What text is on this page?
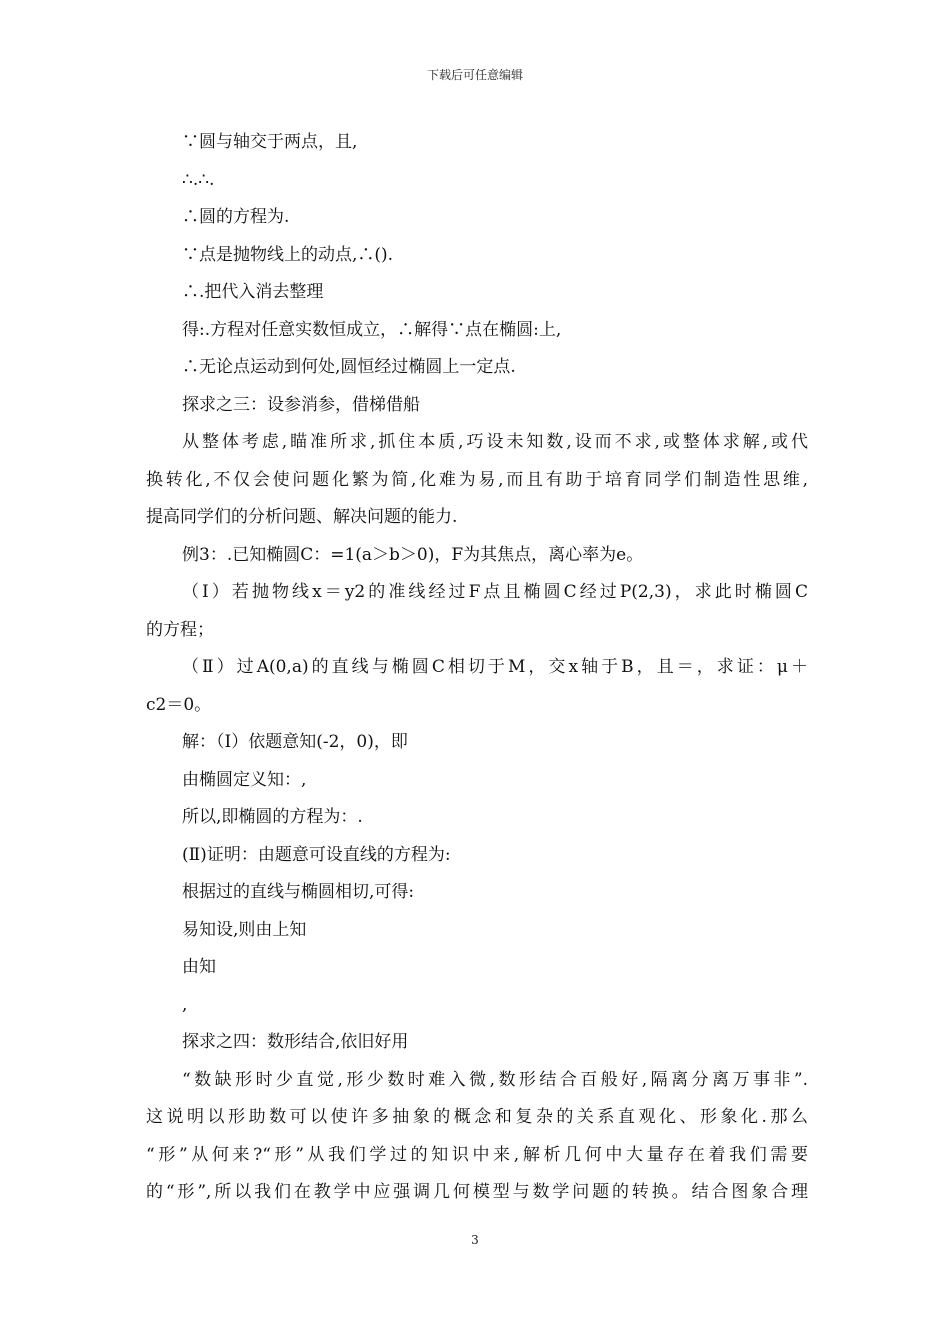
下载后可任意编辑
∵圆与轴交于两点，且,
∴.∴.
∴圆的方程为.
∵点是抛物线上的动点,∴().
∴.把代入消去整理
得:.方程对任意实数恒成立，∴解得∵点在椭圆:上,
∴无论点运动到何处,圆恒经过椭圆上一定点.
探求之三：设参消参，借梯借船
从整体考虑,瞄准所求,抓住本质,巧设未知数,设而不求,或整体求解,或代
换转化,不仅会使问题化繁为简,化难为易,而且有助于培育同学们制造性思维,
提高同学们的分析问题、解决问题的能力.
例3：.已知椭圆C：=1(a＞b＞0)，F为其焦点，离心率为e。
（Ⅰ）若抛物线x＝y2的准线经过F点且椭圆C经过P(2,3)，求此时椭圆C
的方程；
（Ⅱ）过A(0,a)的直线与椭圆C相切于M，交x轴于B，且＝，求证：μ＋
c2＝0。
解：（Ⅰ）依题意知(-2，0)，即
由椭圆定义知：,
所以,即椭圆的方程为：.
(Ⅱ)证明：由题意可设直线的方程为:
根据过的直线与椭圆相切,可得:
易知设,则由上知
由知
,
探求之四：数形结合,依旧好用
“数缺形时少直觉,形少数时难入微,数形结合百般好,隔离分离万事非”.
这说明以形助数可以使许多抽象的概念和复杂的关系直观化、形象化.那么
“形”从何来?“形”从我们学过的知识中来,解析几何中大量存在着我们需要
的“形”,所以我们在教学中应强调几何模型与数学问题的转换。结合图象合理
3
